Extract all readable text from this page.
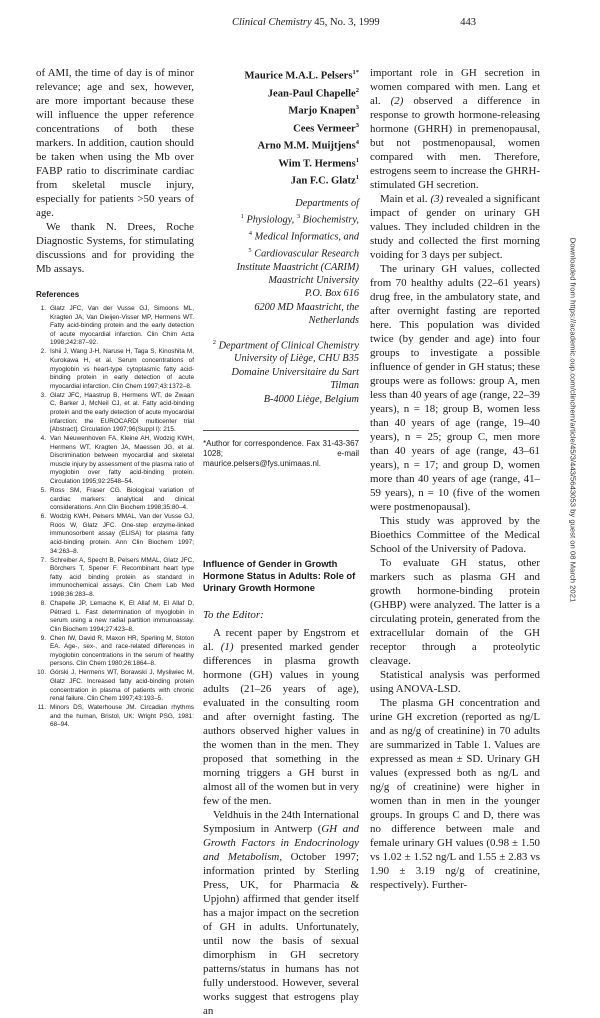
Clinical Chemistry 45, No. 3, 1999	443

of AMI, the time of day is of minor relevance; age and sex, however, are more important because these will influence the upper reference concentrations of both these markers. In addition, caution should be taken when using the Mb over FABP ratio to discriminate cardiac from skeletal muscle injury, especially for patients >50 years of age.

We thank N. Drees, Roche Diagnostic Systems, for stimulating discussions and for providing the Mb assays.

References
1. Glatz JFC, Van der Vusse GJ, Simoons ML, Kragten JA, Van Dieijen-Visser MP, Hermens WT. Fatty acid-binding protein and the early detection of acute myocardial infarction. Clin Chim Acta 1998;242:87–92.
2. Ishii J, Wang J-H, Naruse H, Taga S, Kinoshita M, Kurokawa H, et al. Serum concentrations of myoglobin vs heart-type cytoplasmic fatty acid-binding protein in early detection of acute myocardial infarction. Clin Chem 1997;43:1372–8.
3. Glatz JFC, Haastrup B, Hermens WT, de Zwaan C, Barker J, McNeil CJ, et al. Fatty acid-binding protein and the early detection of acute myocardial infarction: the EUROCARDI multicenter trial [Abstract]. Circulation 1997;96(Suppl I): 215.
4. Van Nieuwenhoven FA, Kleine AH, Wodzig KWH, Hermens WT, Kragten JA, Maessen JG, et al. Discrimination between myocardial and skeletal muscle injury by assessment of the plasma ratio of myoglobin over fatty acid-binding protein. Circulation 1995;92:2548–54.
5. Ross SM, Fraser CG. Biological variation of cardiac markers: analytical and clinical considerations. Ann Clin Biochem 1998;35:80–4.
6. Wodzig KWH, Pelsers MMAL, Van der Vusse GJ, Roos W, Glatz JFC. One-step enzyme-linked immunosorbent assay (ELISA) for plasma fatty acid-binding protein. Ann Clin Biochem 1997; 34:263–8.
7. Schreiber A, Specht B, Pelsers MMAL, Glatz JFC, Börchers T, Spener F. Recombinant heart type fatty acid binding protein as standard in immunochemical assays. Clin Chem Lab Med 1998;36:283–8.
8. Chapelle JP, Lemache K, El Allaf M, El Allaf D, Pétrard L. Fast determination of myoglobin in serum using a new radial partition immunoassay. Clin Biochem 1994;27:423–8.
9. Chen IW, David R, Maxon HR, Sperling M, Stoton EA. Age-, sex-, and race-related differences in myoglobin concentrations in the serum of healthy persons. Clin Chem 1980;26:1864–8.
10. Górski J, Hermens WT, Borawski J, Mysliwiec M, Glatz JFC. Increased fatty acid-binding protein concentration in plasma of patients with chronic renal failure. Clin Chem 1997;43:193–5.
11. Minors DS, Waterhouse JM. Circadian rhythms and the human, Bristol, UK: Wright PSG, 1981: 68–94.
Maurice M.A.L. Pelsers$^{1*}$
Jean-Paul Chapelle$^2$
Marjo Knapen$^3$
Cees Vermeer$^3$
Arno M.M. Muijtjens$^4$
Wim T. Hermens$^1$
Jan F.C. Glatz$^1$
Departments of
$^1$ Physiology, $^3$ Biochemistry,
$^4$ Medical Informatics, and
$^5$ Cardiovascular Research
Institute Maastricht (CARIM)
Maastricht University
P.O. Box 616
6200 MD Maastricht, the Netherlands
$^2$ Department of Clinical Chemistry
University of Liège, CHU B35
Domaine Universitaire du Sart Tilman
B-4000 Liège, Belgium
*Author for correspondence. Fax 31-43-367 1028; e-mail maurice.pelsers@fys.unimaas.nl.
Influence of Gender in Growth Hormone Status in Adults: Role of Urinary Growth Hormone
To the Editor:

A recent paper by Engstrom et al. (1) presented marked gender differences in plasma growth hormone (GH) values in young adults (21–26 years of age), evaluated in the consulting room and after overnight fasting. The authors observed higher values in the women than in the men. They proposed that something in the morning triggers a GH burst in almost all of the women but in very few of the men.

Veldhuis in the 24th International Symposium in Antwerp (GH and Growth Factors in Endocrinology and Metabolism, October 1997; information printed by Sterling Press, UK, for Pharmacia & Upjohn) affirmed that gender itself has a major impact on the secretion of GH in adults. Unfortunately, until now the basis of sexual dimorphism in GH secretory patterns/status in humans has not fully understood. However, several works suggest that estrogens play an

important role in GH secretion in women compared with men. Lang et al. (2) observed a difference in response to growth hormone-releasing hormone (GHRH) in premenopausal, but not postmenopausal, women compared with men. Therefore, estrogens seem to increase the GHRH-stimulated GH secretion.

Main et al. (3) revealed a significant impact of gender on urinary GH values. They included children in the study and collected the first morning voiding for 3 days per subject.

The urinary GH values, collected from 70 healthy adults (22–61 years) drug free, in the ambulatory state, and after overnight fasting are reported here. This population was divided twice (by gender and age) into four groups to investigate a possible influence of gender in GH status; these groups were as follows: group A, men less than 40 years of age (range, 22–39 years), n = 18; group B, women less than 40 years of age (range, 19–40 years), n = 25; group C, men more than 40 years of age (range, 43–61 years), n = 17; and group D, women more than 40 years of age (range, 41–59 years), n = 10 (five of the women were postmenopausal).

This study was approved by the Bioethics Committee of the Medical School of the University of Padova.

To evaluate GH status, other markers such as plasma GH and growth hormone-binding protein (GHBP) were analyzed. The latter is a circulating protein, generated from the extracellular domain of the GH receptor through a proteolytic cleavage.

Statistical analysis was performed using ANOVA-LSD.

The plasma GH concentration and urine GH excretion (reported as ng/L and as ng/g of creatinine) in 70 adults are summarized in Table 1. Values are expressed as mean ± SD. Urinary GH values (expressed both as ng/L and ng/g of creatinine) were higher in women than in men in the younger groups. In groups C and D, there was no difference between male and female urinary GH values (0.98 ± 1.50 vs 1.02 ± 1.52 ng/L and 1.55 ± 2.83 vs 1.90 ± 3.19 ng/g of creatinine, respectively). Further-

Downloaded from https://academic.oup.com/clinchem/article/45/3/443/5643053 by guest on 08 March 2021
